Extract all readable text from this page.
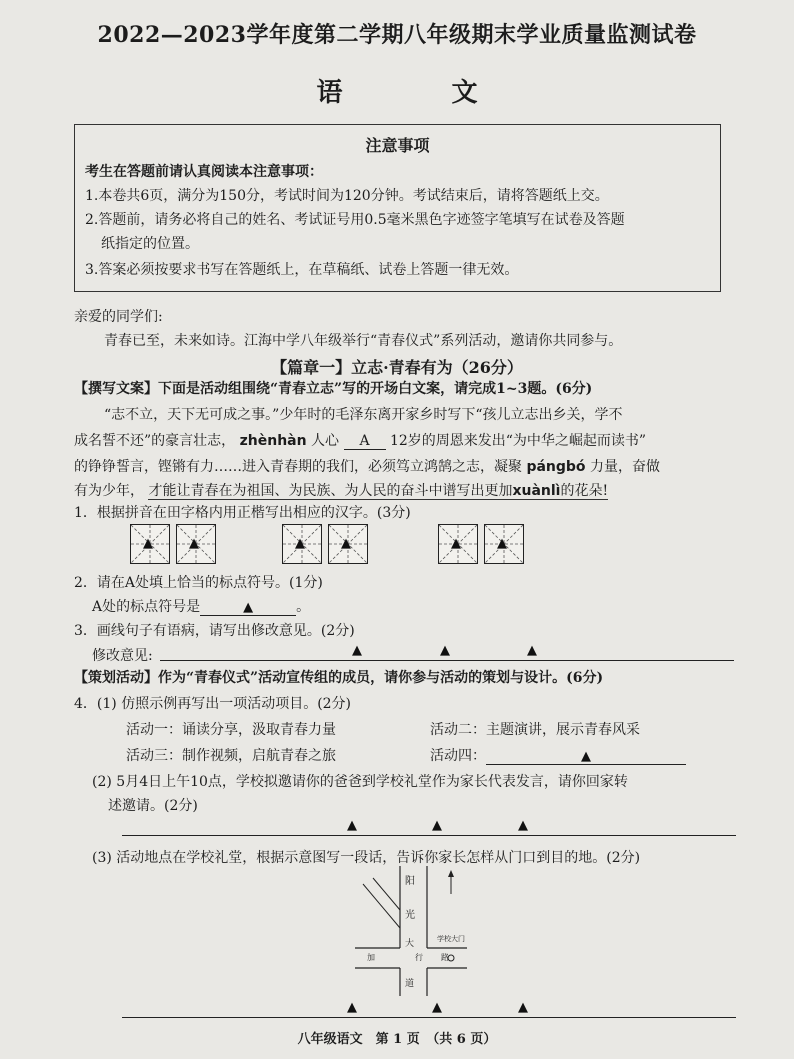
2022—2023学年度第二学期八年级期末学业质量监测试卷
语 文
注意事项
考生在答题前请认真阅读本注意事项：
1.本卷共6页，满分为150分，考试时间为120分钟。考试结束后，请将答题纸上交。
2.答题前，请务必将自己的姓名、考试证号用0.5毫米黑色字迹签字笔填写在试卷及答题
纸指定的位置。
3.答案必须按要求书写在答题纸上，在草稿纸、试卷上答题一律无效。
亲爱的同学们:
青春已至，未来如诗。江海中学八年级举行“青春仪式”系列活动，邀请你共同参与。
【篇章一】立志·青春有为（26分）
【撰写文案】下面是活动组围绕“青春立志”写的开场白文案，请完成1~3题。(6分)
“志不立，天下无可成之事。”少年时的毛泽东离开家乡时写下“孩儿立志出乡关，学不
成名誓不还”的豪言壮志， zhènhàn 人心 A 12岁的周恩来发出“为中华之崛起而读书”
的铮铮誓言，铿锵有力……进入青春期的我们，必须笃立鸿鹄之志，凝聚 pángbó 力量，奋做
有为少年， 才能让青春在为祖国、为民族、为人民的奋斗中谱写出更加xuànlì的花朵!
1．根据拼音在田字格内用正楷写出相应的汉字。(3分)
▲	▲	▲	▲	▲	▲
2．请在A处填上恰当的标点符号。(1分)
A处的标点符号是	▲	。
3．画线句子有语病，请写出修改意见。(2分)
修改意见:	▲	▲	▲
【策划活动】作为“青春仪式”活动宣传组的成员，请你参与活动的策划与设计。(6分)
4．(1) 仿照示例再写出一项活动项目。(2分)
活动一：诵读分享，汲取青春力量	活动二：主题演讲，展示青春风采
活动三：制作视频，启航青春之旅	活动四：	▲
(2) 5月4日上午10点，学校拟邀请你的爸爸到学校礼堂作为家长代表发言，请你回家转
述邀请。(2分)
▲	▲	▲
(3) 活动地点在学校礼堂，根据示意图写一段话，告诉你家长怎样从门口到目的地。(2分)
阳
光
大
道
加	行 路
学校大门
▲	▲	▲
八年级语文　第 1 页　（共 6 页）
